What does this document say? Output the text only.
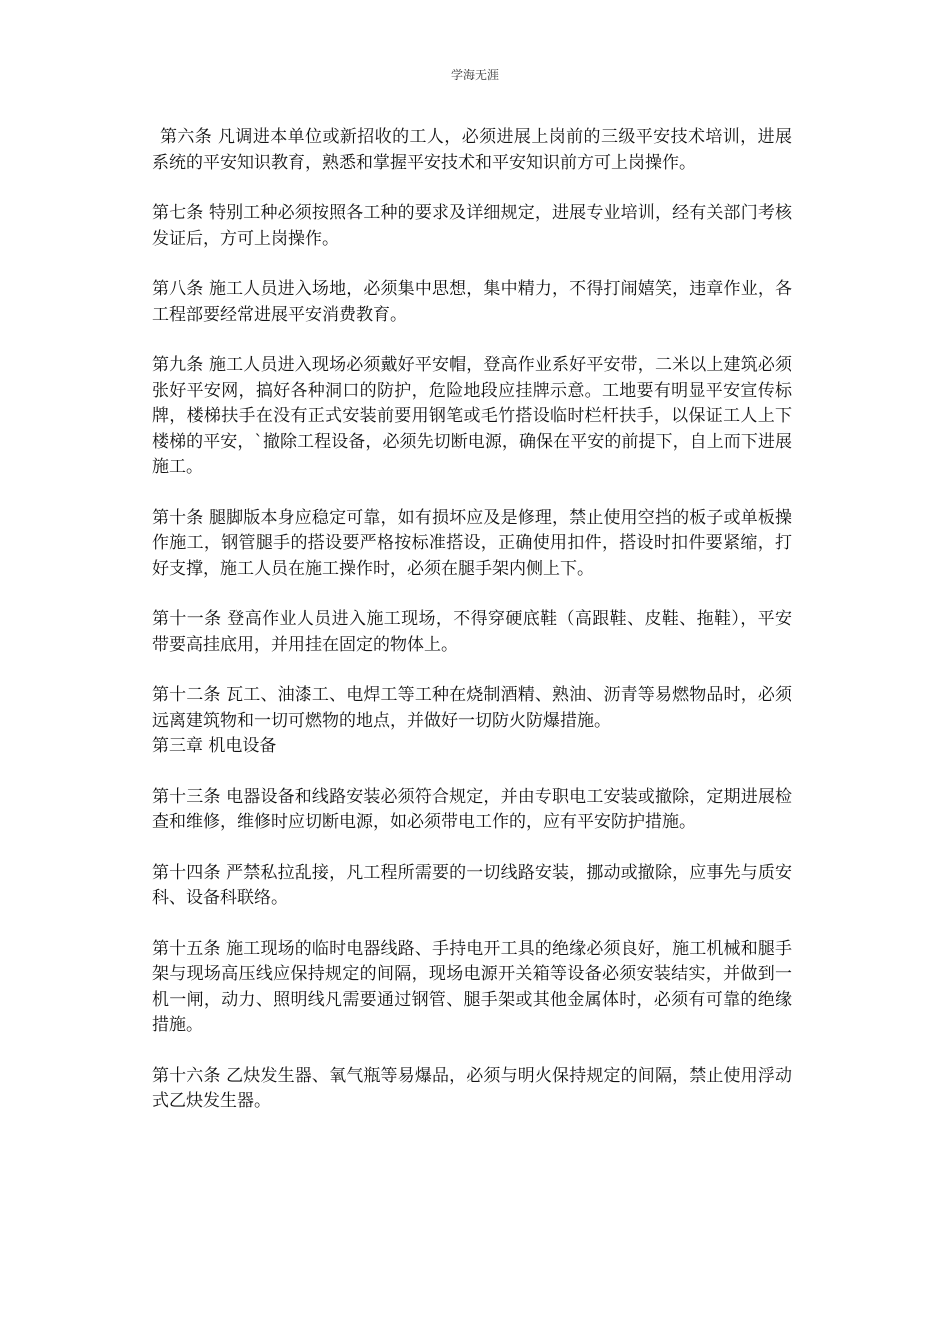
学海无涯

第六条 凡调进本单位或新招收的工人，必须进展上岗前的三级平安技术培训，进展系统的平安知识教育，熟悉和掌握平安技术和平安知识前方可上岗操作。

第七条 特别工种必须按照各工种的要求及详细规定，进展专业培训，经有关部门考核发证后，方可上岗操作。

第八条 施工人员进入场地，必须集中思想，集中精力，不得打闹嬉笑，违章作业，各工程部要经常进展平安消费教育。

第九条 施工人员进入现场必须戴好平安帽，登高作业系好平安带，二米以上建筑必须张好平安网，搞好各种洞口的防护，危险地段应挂牌示意。工地要有明显平安宣传标牌，楼梯扶手在没有正式安装前要用钢笔或毛竹搭设临时栏杆扶手，以保证工人上下楼梯的平安，`撤除工程设备，必须先切断电源，确保在平安的前提下，自上而下进展施工。

第十条 腿脚版本身应稳定可靠，如有损坏应及是修理，禁止使用空挡的板子或单板操作施工，钢管腿手的搭设要严格按标准搭设，正确使用扣件，搭设时扣件要紧缩，打好支撑，施工人员在施工操作时，必须在腿手架内侧上下。

第十一条 登高作业人员进入施工现场，不得穿硬底鞋（高跟鞋、皮鞋、拖鞋），平安带要高挂底用，并用挂在固定的物体上。

第十二条 瓦工、油漆工、电焊工等工种在烧制酒精、熟油、沥青等易燃物品时，必须远离建筑物和一切可燃物的地点，并做好一切防火防爆措施。

第三章 机电设备

第十三条 电器设备和线路安装必须符合规定，并由专职电工安装或撤除，定期进展检查和维修，维修时应切断电源，如必须带电工作的，应有平安防护措施。

第十四条 严禁私拉乱接，凡工程所需要的一切线路安装，挪动或撤除，应事先与质安科、设备科联络。

第十五条 施工现场的临时电器线路、手持电开工具的绝缘必须良好，施工机械和腿手架与现场高压线应保持规定的间隔，现场电源开关箱等设备必须安装结实，并做到一机一闸，动力、照明线凡需要通过钢管、腿手架或其他金属体时，必须有可靠的绝缘措施。

第十六条 乙炔发生器、氧气瓶等易爆品，必须与明火保持规定的间隔，禁止使用浮动式乙炔发生器。
